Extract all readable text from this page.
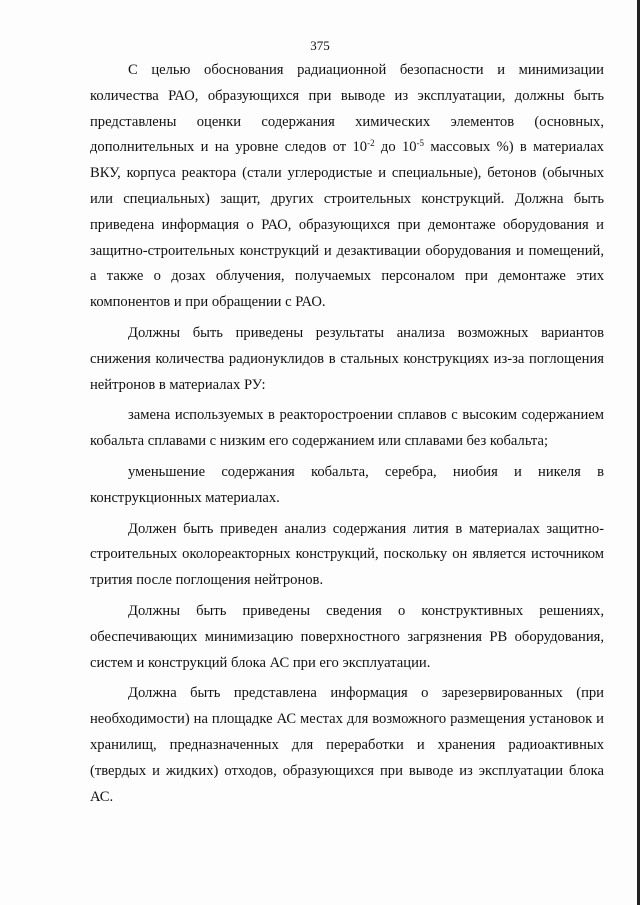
375

С целью обоснования радиационной безопасности и минимизации количества РАО, образующихся при выводе из эксплуатации, должны быть представлены оценки содержания химических элементов (основных, дополнительных и на уровне следов от $10^{-2}$ до $10^{-5}$ массовых %) в материалах ВКУ, корпуса реактора (стали углеродистые и специальные), бетонов (обычных или специальных) защит, других строительных конструкций. Должна быть приведена информация о РАО, образующихся при демонтаже оборудования и защитно-строительных конструкций и дезактивации оборудования и помещений, а также о дозах облучения, получаемых персоналом при демонтаже этих компонентов и при обращении с РАО.

Должны быть приведены результаты анализа возможных вариантов снижения количества радионуклидов в стальных конструкциях из-за поглощения нейтронов в материалах РУ:

замена используемых в реакторостроении сплавов с высоким содержанием кобальта сплавами с низким его содержанием или сплавами без кобальта;

уменьшение содержания кобальта, серебра, ниобия и никеля в конструкционных материалах.

Должен быть приведен анализ содержания лития в материалах защитно-строительных околореакторных конструкций, поскольку он является источником трития после поглощения нейтронов.

Должны быть приведены сведения о конструктивных решениях, обеспечивающих минимизацию поверхностного загрязнения РВ оборудования, систем и конструкций блока АС при его эксплуатации.

Должна быть представлена информация о зарезервированных (при необходимости) на площадке АС местах для возможного размещения установок и хранилищ, предназначенных для переработки и хранения радиоактивных (твердых и жидких) отходов, образующихся при выводе из эксплуатации блока АС.
